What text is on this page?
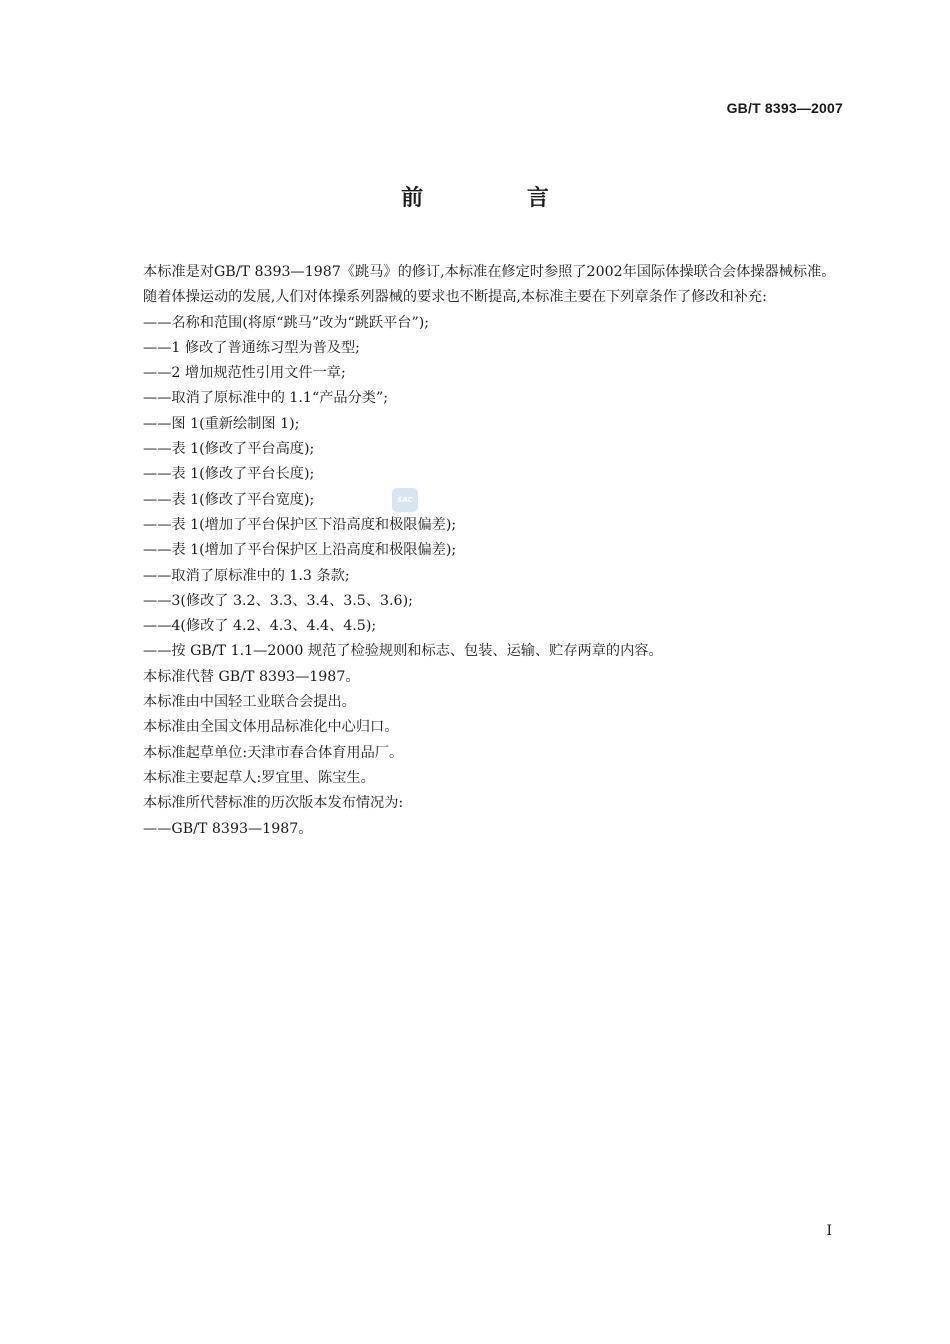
GB/T 8393—2007
前 言

本标准是对GB/T 8393—1987《跳马》的修订,本标准在修定时参照了2002年国际体操联合会体操器械标准。

随着体操运动的发展,人们对体操系列器械的要求也不断提高,本标准主要在下列章条作了修改和补充:

——名称和范围(将原“跳马”改为“跳跃平台”);
——1 修改了普通练习型为普及型;
——2 增加规范性引用文件一章;
——取消了原标准中的 1.1“产品分类”;
——图 1(重新绘制图 1);
——表 1(修改了平台高度);
——表 1(修改了平台长度);
——表 1(修改了平台宽度);
——表 1(增加了平台保护区下沿高度和极限偏差);
——表 1(增加了平台保护区上沿高度和极限偏差);
——取消了原标准中的 1.3 条款;
——3(修改了 3.2、3.3、3.4、3.5、3.6);
——4(修改了 4.2、4.3、4.4、4.5);
——按 GB/T 1.1—2000 规范了检验规则和标志、包装、运输、贮存两章的内容。

本标准代替 GB/T 8393—1987。

本标准由中国轻工业联合会提出。

本标准由全国文体用品标准化中心归口。

本标准起草单位:天津市春合体育用品厂。

本标准主要起草人:罗宜里、陈宝生。

本标准所代替标准的历次版本发布情况为:

——GB/T 8393—1987。
SAC
I
